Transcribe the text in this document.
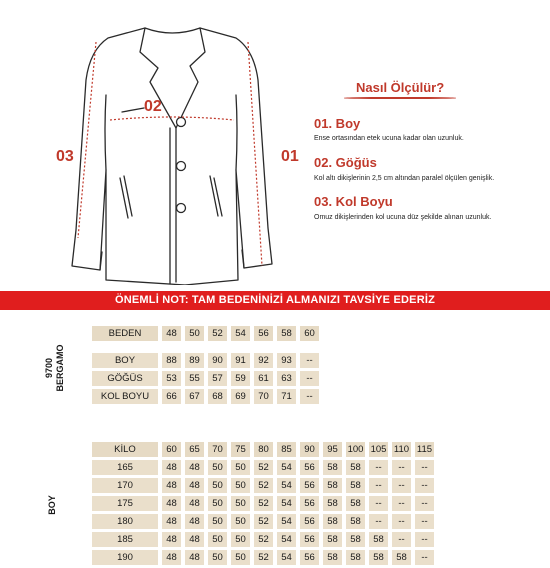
02
03	01
Nasıl Ölçülür?
01. Boy
Ense ortasından etek ucuna kadar olan uzunluk.
02. Göğüs
Kol altı dikişlerinin 2,5 cm altından paralel ölçülen genişlik.
03. Kol Boyu
Omuz dikişlerinden kol ucuna düz şekilde alınan uzunluk.
ÖNEMLİ NOT: TAM BEDENİNİZİ ALMANIZI TAVSİYE EDERİZ
9700 BERGAMO
BEDEN	48	50	52	54	56	58	60

BOY	88	89	90	91	92	93	--
GÖĞÜS	53	55	57	59	61	63	--
KOL BOYU	66	67	68	69	70	71	--
BOY
KİLO	60	65	70	75	80	85	90	95	100	105	110	115
165	48	48	50	50	52	54	56	58	58	--	--	--
170	48	48	50	50	52	54	56	58	58	--	--	--
175	48	48	50	50	52	54	56	58	58	--	--	--
180	48	48	50	50	52	54	56	58	58	--	--	--
185	48	48	50	50	52	54	56	58	58	58	--	--
190	48	48	50	50	52	54	56	58	58	58	58	--
